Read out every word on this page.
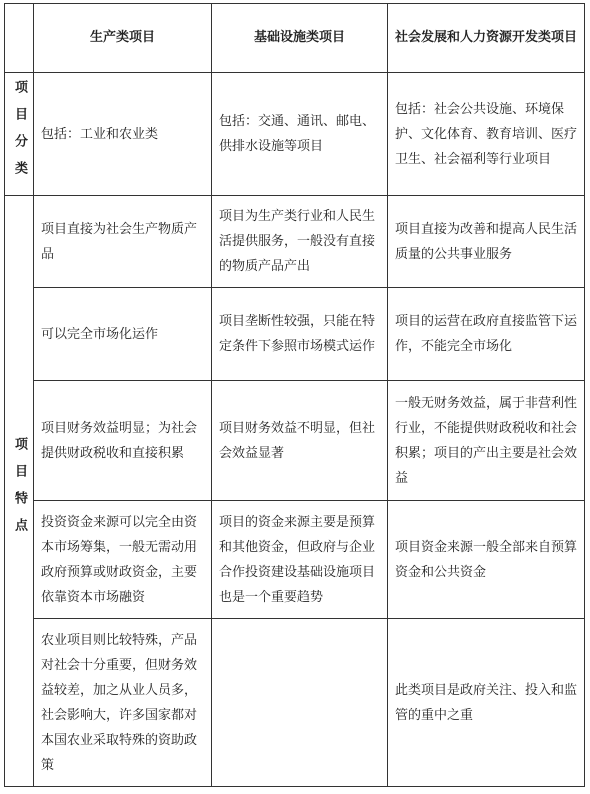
	生产类项目	基础设施类项目	社会发展和人力资源开发类项目

项目分类	包括：工业和农业类	包括：交通、通讯、邮电、供排水设施等项目	包括：社会公共设施、环境保护、文化体育、教育培训、医疗卫生、社会福利等行业项目

项目特点	项目直接为社会生产物质产品	项目为生产类行业和人民生活提供服务，一般没有直接的物质产品产出	项目直接为改善和提高人民生活质量的公共事业服务
	可以完全市场化运作	项目垄断性较强，只能在特定条件下参照市场模式运作	项目的运营在政府直接监管下运作，不能完全市场化
	项目财务效益明显；为社会提供财政税收和直接积累	项目财务效益不明显，但社会效益显著	一般无财务效益，属于非营利性行业，不能提供财政税收和社会积累；项目的产出主要是社会效益
	投资资金来源可以完全由资本市场筹集，一般无需动用政府预算或财政资金，主要依靠资本市场融资	项目的资金来源主要是预算和其他资金，但政府与企业合作投资建设基础设施项目也是一个重要趋势	项目资金来源一般全部来自预算资金和公共资金
	农业项目则比较特殊，产品对社会十分重要，但财务效益较差，加之从业人员多，社会影响大，许多国家都对本国农业采取特殊的资助政策		此类项目是政府关注、投入和监管的重中之重
